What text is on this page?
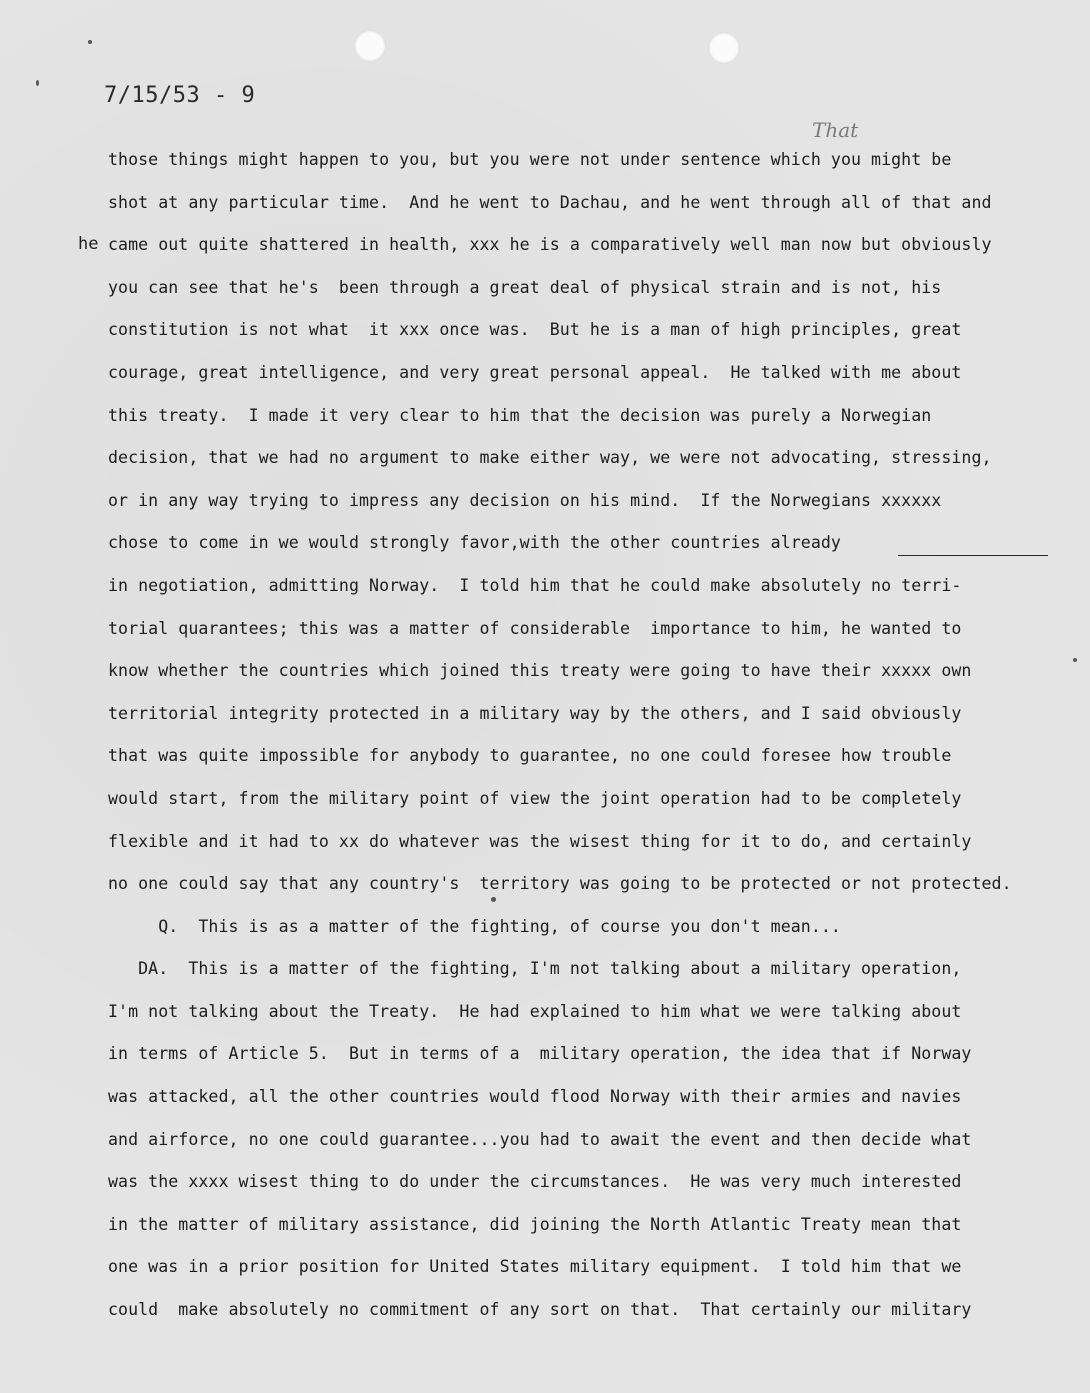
7/15/53 - 9
That
he
those things might happen to you, but you were not under sentence which you might be
shot at any particular time.  And he went to Dachau, and he went through all of that and
came out quite shattered in health, xxx he is a comparatively well man now but obviously
you can see that he's  been through a great deal of physical strain and is not, his
constitution is not what  it xxx once was.  But he is a man of high principles, great
courage, great intelligence, and very great personal appeal.  He talked with me about
this treaty.  I made it very clear to him that the decision was purely a Norwegian
decision, that we had no argument to make either way, we were not advocating, stressing,
or in any way trying to impress any decision on his mind.  If the Norwegians xxxxxx
chose to come in we would strongly favor,with the other countries already
in negotiation, admitting Norway.  I told him that he could make absolutely no terri-
torial quarantees; this was a matter of considerable  importance to him, he wanted to
know whether the countries which joined this treaty were going to have their xxxxx own
territorial integrity protected in a military way by the others, and I said obviously
that was quite impossible for anybody to guarantee, no one could foresee how trouble
would start, from the military point of view the joint operation had to be completely
flexible and it had to xx do whatever was the wisest thing for it to do, and certainly
no one could say that any country's  territory was going to be protected or not protected.
Q.  This is as a matter of the fighting, of course you don't mean...
DA.  This is a matter of the fighting, I'm not talking about a military operation,
I'm not talking about the Treaty.  He had explained to him what we were talking about
in terms of Article 5.  But in terms of a  military operation, the idea that if Norway
was attacked, all the other countries would flood Norway with their armies and navies
and airforce, no one could guarantee...you had to await the event and then decide what
was the xxxx wisest thing to do under the circumstances.  He was very much interested
in the matter of military assistance, did joining the North Atlantic Treaty mean that
one was in a prior position for United States military equipment.  I told him that we
could  make absolutely no commitment of any sort on that.  That certainly our military
